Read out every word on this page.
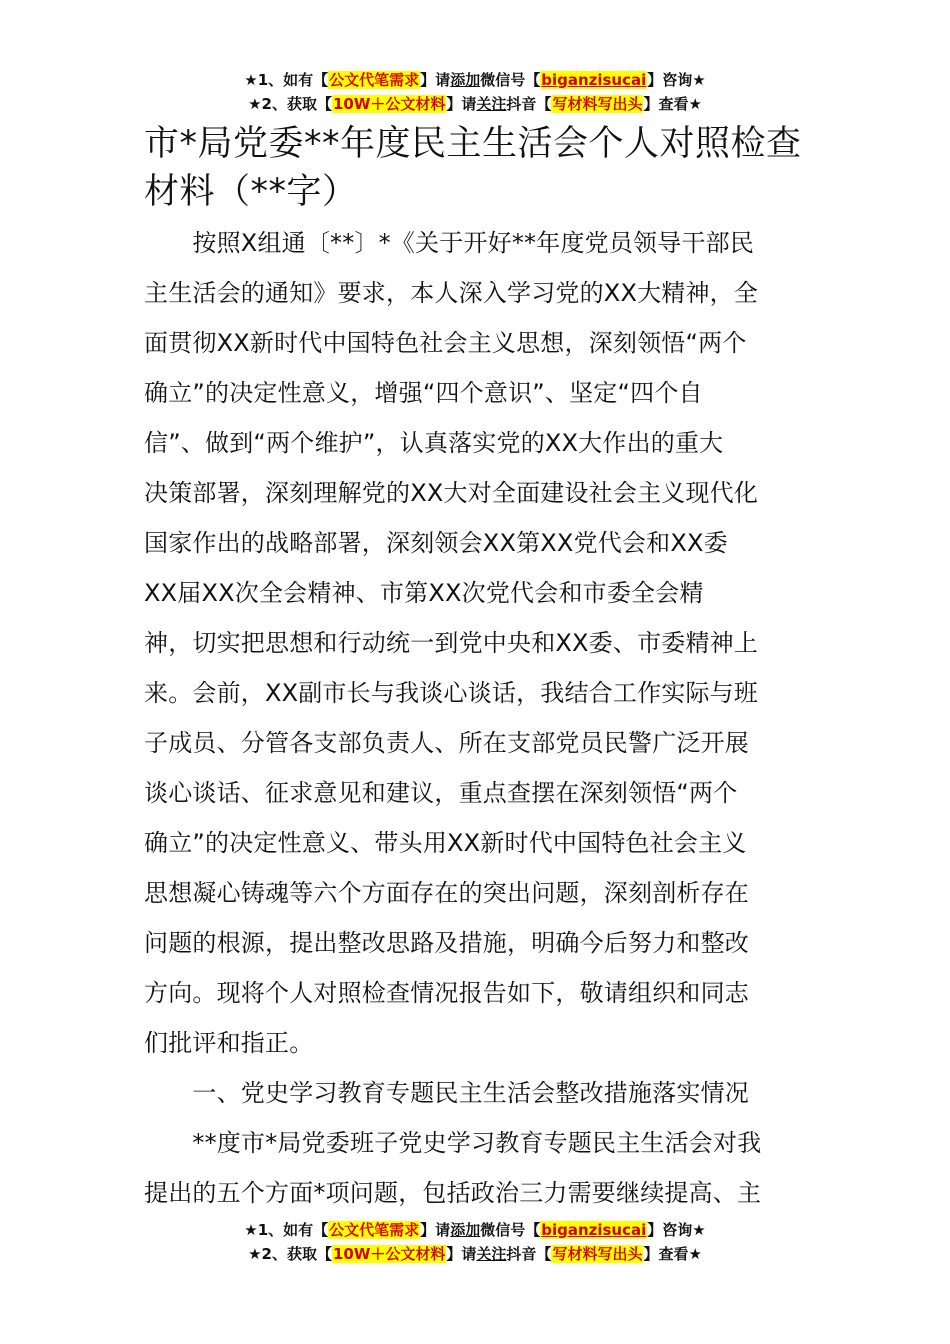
★1、如有【公文代笔需求】请添加微信号【biganzisucai】咨询★
★2、获取【10W＋公文材料】请关注抖音【写材料写出头】查看★
市*局党委**年度民主生活会个人对照检查材料（**字）
　　按照X组通〔**〕*《关于开好**年度党员领导干部民
主生活会的通知》要求，本人深入学习党的XX大精神，全
面贯彻XX新时代中国特色社会主义思想，深刻领悟“两个
确立”的决定性意义，增强“四个意识”、坚定“四个自
信”、做到“两个维护”，认真落实党的XX大作出的重大
决策部署，深刻理解党的XX大对全面建设社会主义现代化
国家作出的战略部署，深刻领会XX第XX党代会和XX委
XX届XX次全会精神、市第XX次党代会和市委全会精
神，切实把思想和行动统一到党中央和XX委、市委精神上
来。会前，XX副市长与我谈心谈话，我结合工作实际与班
子成员、分管各支部负责人、所在支部党员民警广泛开展
谈心谈话、征求意见和建议，重点查摆在深刻领悟“两个
确立”的决定性意义、带头用XX新时代中国特色社会主义
思想凝心铸魂等六个方面存在的突出问题，深刻剖析存在
问题的根源，提出整改思路及措施，明确今后努力和整改
方向。现将个人对照检查情况报告如下，敬请组织和同志
们批评和指正。
　　一、党史学习教育专题民主生活会整改措施落实情况
　　**度市*局党委班子党史学习教育专题民主生活会对我
提出的五个方面*项问题，包括政治三力需要继续提高、主
★1、如有【公文代笔需求】请添加微信号【biganzisucai】咨询★
★2、获取【10W＋公文材料】请关注抖音【写材料写出头】查看★
